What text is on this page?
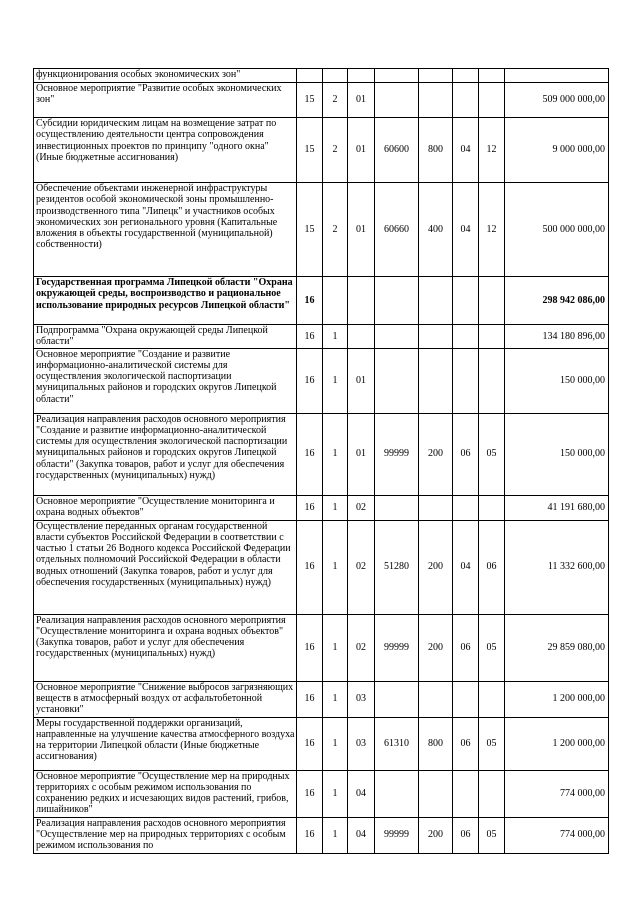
функционирования особых экономических зон"								
Основное мероприятие "Развитие особых экономических зон"	15	2	01					509 000 000,00
Субсидии юридическим лицам на возмещение затрат по осуществлению деятельности центра сопровождения инвестиционных проектов по принципу "одного окна" (Иные бюджетные ассигнования)	15	2	01	60600	800	04	12	9 000 000,00
Обеспечение объектами инженерной инфраструктуры резидентов особой экономической зоны промышленно-производственного типа "Липецк" и участников особых экономических зон регионального уровня (Капитальные вложения в объекты государственной (муниципальной) собственности)	15	2	01	60660	400	04	12	500 000 000,00
Государственная программа Липецкой области "Охрана окружающей среды, воспроизводство и рациональное использование природных ресурсов Липецкой области"	16							298 942 086,00
Подпрограмма "Охрана окружающей среды Липецкой области"	16	1						134 180 896,00
Основное мероприятие "Создание и развитие информационно-аналитической системы для осуществления экологической паспортизации муниципальных районов и городских округов Липецкой области"	16	1	01					150 000,00
Реализация направления расходов основного мероприятия "Создание и развитие информационно-аналитической системы для осуществления экологической паспортизации муниципальных районов и городских округов Липецкой области" (Закупка товаров, работ и услуг для обеспечения государственных (муниципальных) нужд)	16	1	01	99999	200	06	05	150 000,00
Основное мероприятие "Осуществление мониторинга и охрана водных объектов"	16	1	02					41 191 680,00
Осуществление переданных органам государственной власти субъектов Российской Федерации в соответствии с частью 1 статьи 26 Водного кодекса Российской Федерации отдельных полномочий Российской Федерации в области водных отношений (Закупка товаров, работ и услуг для обеспечения государственных (муниципальных) нужд)	16	1	02	51280	200	04	06	11 332 600,00
Реализация направления расходов основного мероприятия "Осуществление мониторинга и охрана водных объектов" (Закупка товаров, работ и услуг для обеспечения государственных (муниципальных) нужд)	16	1	02	99999	200	06	05	29 859 080,00
Основное мероприятие "Снижение выбросов загрязняющих веществ в атмосферный воздух от асфальтобетонной установки"	16	1	03					1 200 000,00
Меры государственной поддержки организаций, направленные на улучшение качества атмосферного воздуха на территории Липецкой области (Иные бюджетные ассигнования)	16	1	03	61310	800	06	05	1 200 000,00
Основное мероприятие "Осуществление мер на природных территориях с особым режимом использования по сохранению редких и исчезающих видов растений, грибов, лишайников"	16	1	04					774 000,00
Реализация направления расходов основного мероприятия "Осуществление мер на природных территориях с особым режимом использования по	16	1	04	99999	200	06	05	774 000,00
